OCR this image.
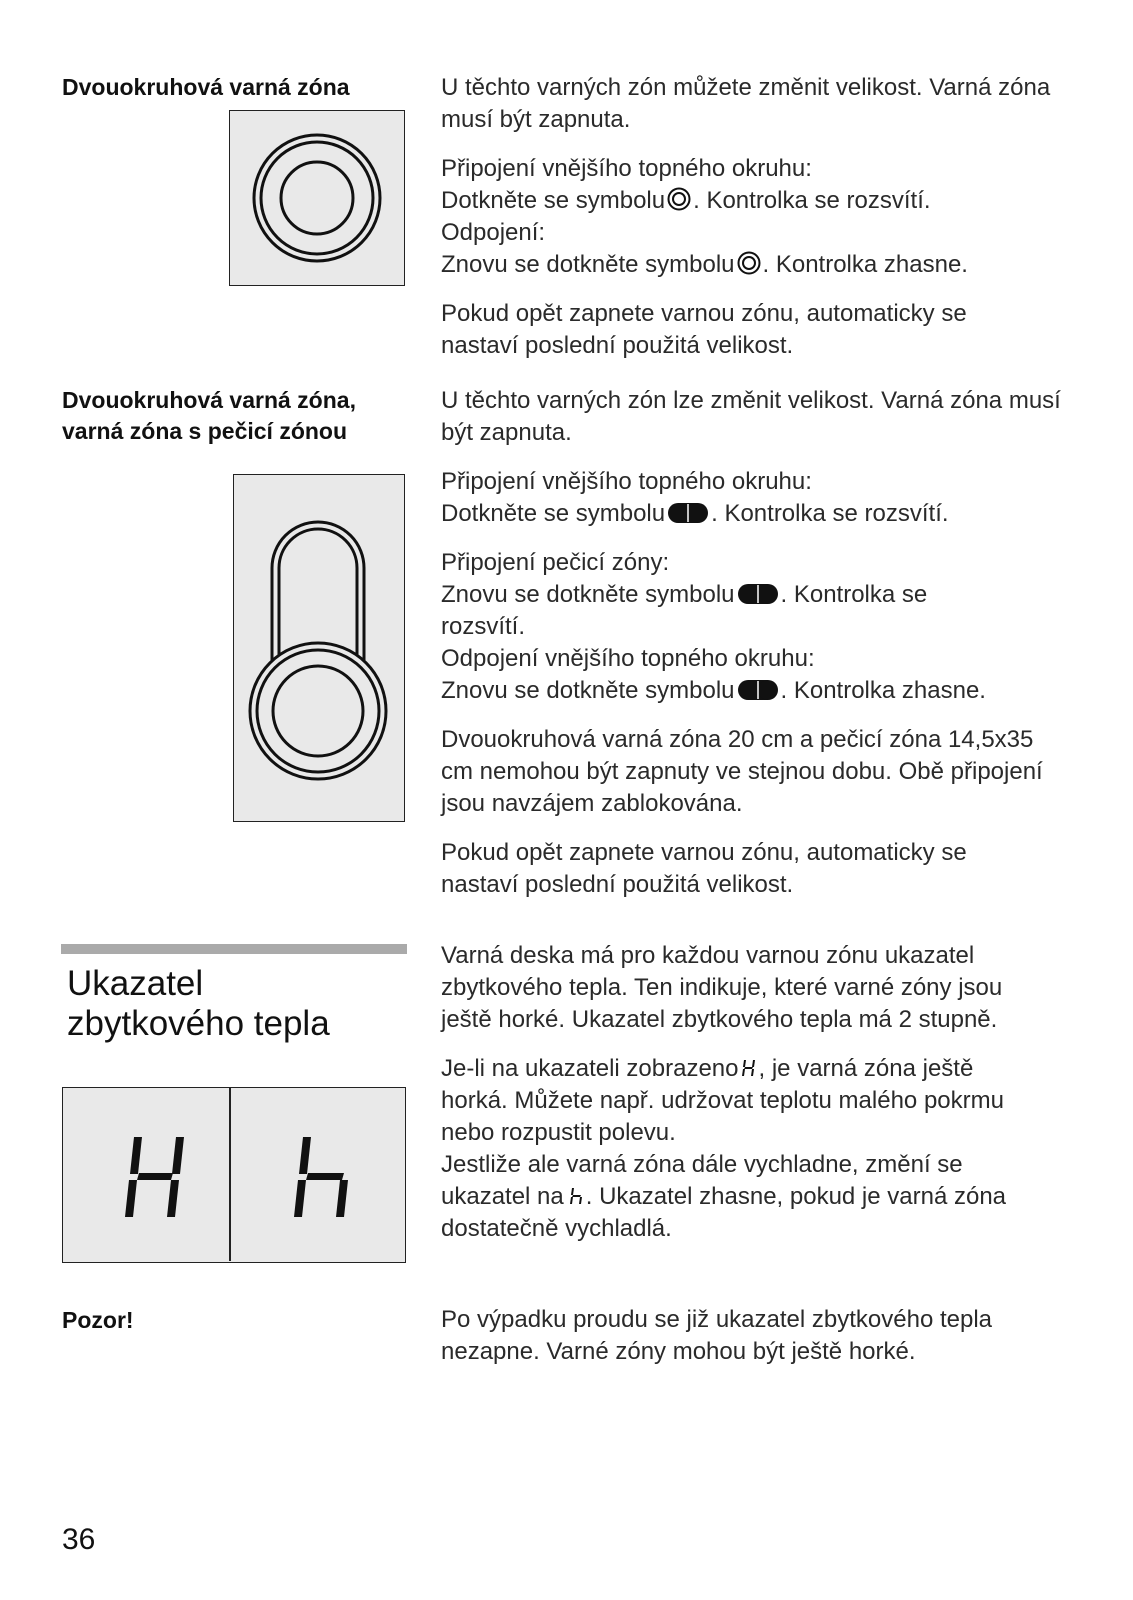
Dvouokruhová varná zóna	U těchto varných zón můžete změnit velikost. Varná zóna musí být zapnuta.

Připojení vnějšího topného okruhu:

Dotkněte se symbolu . Kontrolka se rozsvítí.

Odpojení:

Znovu se dotkněte symbolu . Kontrolka zhasne.

Pokud opět zapnete varnou zónu, automaticky se nastaví poslední použitá velikost.

Dvouokruhová varná zóna,
varná zóna s pečicí zónou

U těchto varných zón lze změnit velikost. Varná zóna musí být zapnuta.

Připojení vnějšího topného okruhu:

Dotkněte se symbolu . Kontrolka se rozsvítí.

Připojení pečicí zóny:

Znovu se dotkněte symbolu . Kontrolka se rozsvítí.

Odpojení vnějšího topného okruhu:

Znovu se dotkněte symbolu . Kontrolka zhasne.

Dvouokruhová varná zóna 20 cm a pečicí zóna 14,5x35 cm nemohou být zapnuty ve stejnou dobu. Obě připojení jsou navzájem zablokována.

Pokud opět zapnete varnou zónu, automaticky se nastaví poslední použitá velikost.

Ukazatel
zbytkového tepla

Varná deska má pro každou varnou zónu ukazatel zbytkového tepla. Ten indikuje, které varné zóny jsou ještě horké. Ukazatel zbytkového tepla má 2 stupně.

Je-li na ukazateli zobrazeno , je varná zóna ještě horká. Můžete např. udržovat teplotu malého pokrmu nebo rozpustit polevu.
Jestliže ale varná zóna dále vychladne, změní se ukazatel na . Ukazatel zhasne, pokud je varná zóna dostatečně vychladlá.

Pozor!	Po výpadku proudu se již ukazatel zbytkového tepla nezapne. Varné zóny mohou být ještě horké.

36
